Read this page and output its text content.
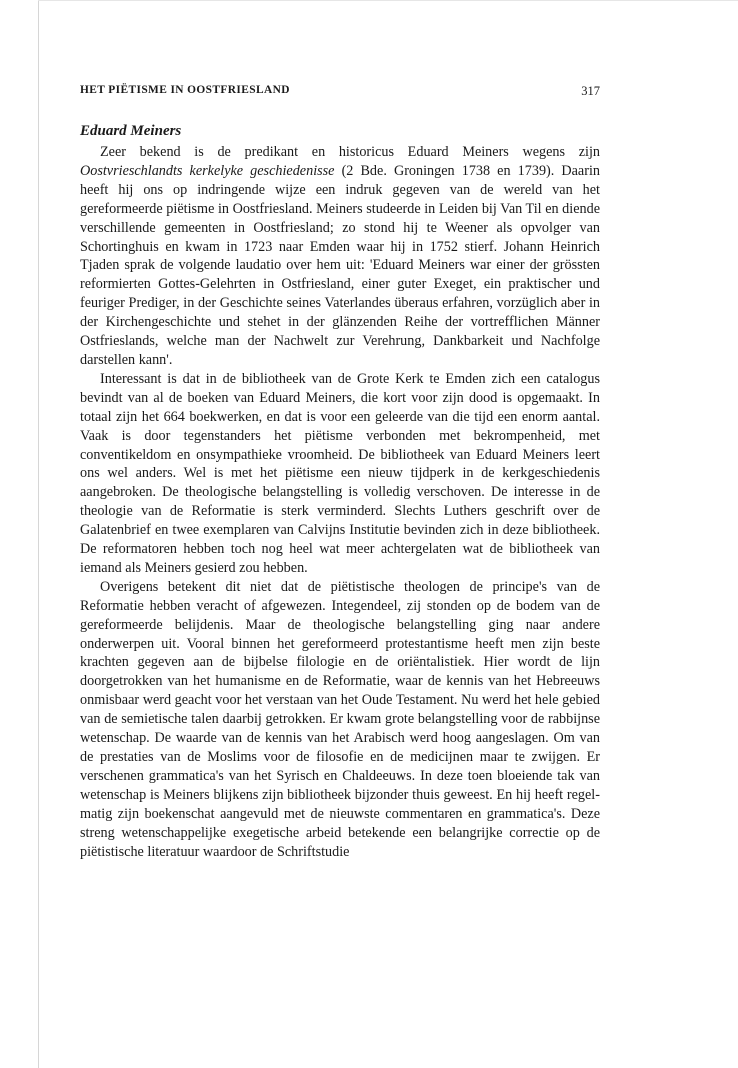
HET PIËTISME IN OOSTFRIESLAND	317
Eduard Meiners

Zeer bekend is de predikant en historicus Eduard Meiners wegens zijn Oostvrieschlandts kerkelyke geschiedenisse (2 Bde. Groningen 1738 en 1739). Daarin heeft hij ons op indringende wijze een indruk gegeven van de wereld van het gereformeerde piëtisme in Oostfriesland. Meiners studeerde in Leiden bij Van Til en diende verschillende gemeenten in Oostfriesland; zo stond hij te Weener als opvolger van Schortinghuis en kwam in 1723 naar Emden waar hij in 1752 stierf. Johann Heinrich Tjaden sprak de volgende laudatio over hem uit: 'Eduard Meiners war einer der grössten reformierten Gottes-Gelehrten in Ostfriesland, einer guter Exeget, ein praktischer und feuriger Prediger, in der Geschichte seines Vaterlandes überaus erfahren, vorzüglich aber in der Kirchengeschichte und stehet in der glänzenden Reihe der vortrefflichen Männer Ostfrieslands, welche man der Nachwelt zur Verehrung, Dankbarkeit und Nachfolge darstellen kann'.

Interessant is dat in de bibliotheek van de Grote Kerk te Emden zich een catalogus bevindt van al de boeken van Eduard Meiners, die kort voor zijn dood is opgemaakt. In totaal zijn het 664 boekwerken, en dat is voor een geleerde van die tijd een enorm aantal. Vaak is door tegenstanders het piëtisme verbonden met bekrompenheid, met conventikeldom en onsympathieke vroomheid. De bibliotheek van Eduard Meiners leert ons wel anders. Wel is met het piëtisme een nieuw tijdperk in de kerkgeschiedenis aangebroken. De theologische belangstelling is volledig verschoven. De interesse in de theologie van de Reformatie is sterk verminderd. Slechts Luthers geschrift over de Galatenbrief en twee exemplaren van Calvijns Institutie bevinden zich in deze bibliotheek. De reformatoren hebben toch nog heel wat meer achtergelaten wat de bibliotheek van iemand als Meiners gesierd zou hebben.

Overigens betekent dit niet dat de piëtistische theologen de principe's van de Reformatie hebben veracht of afgewezen. Integendeel, zij stonden op de bodem van de gereformeerde belijdenis. Maar de theologische belangstelling ging naar andere onderwerpen uit. Vooral binnen het gereformeerd protestantisme heeft men zijn beste krachten gegeven aan de bijbelse filologie en de oriëntalistiek. Hier wordt de lijn doorgetrokken van het humanisme en de Reformatie, waar de kennis van het Hebreeuws onmisbaar werd geacht voor het verstaan van het Oude Testament. Nu werd het hele gebied van de semietische talen daarbij getrokken. Er kwam grote belangstelling voor de rabbijnse wetenschap. De waarde van de kennis van het Arabisch werd hoog aangeslagen. Om van de prestaties van de Moslims voor de filosofie en de medicijnen maar te zwijgen. Er verschenen grammatica's van het Syrisch en Chaldeeuws. In deze toen bloeiende tak van wetenschap is Meiners blijkens zijn bibliotheek bijzonder thuis geweest. En hij heeft regelmatig zijn boekenschat aangevuld met de nieuwste commentaren en grammatica's. Deze streng wetenschappelijke exegetische arbeid betekende een belangrijke correctie op de piëtistische literatuur waardoor de Schriftstudie
